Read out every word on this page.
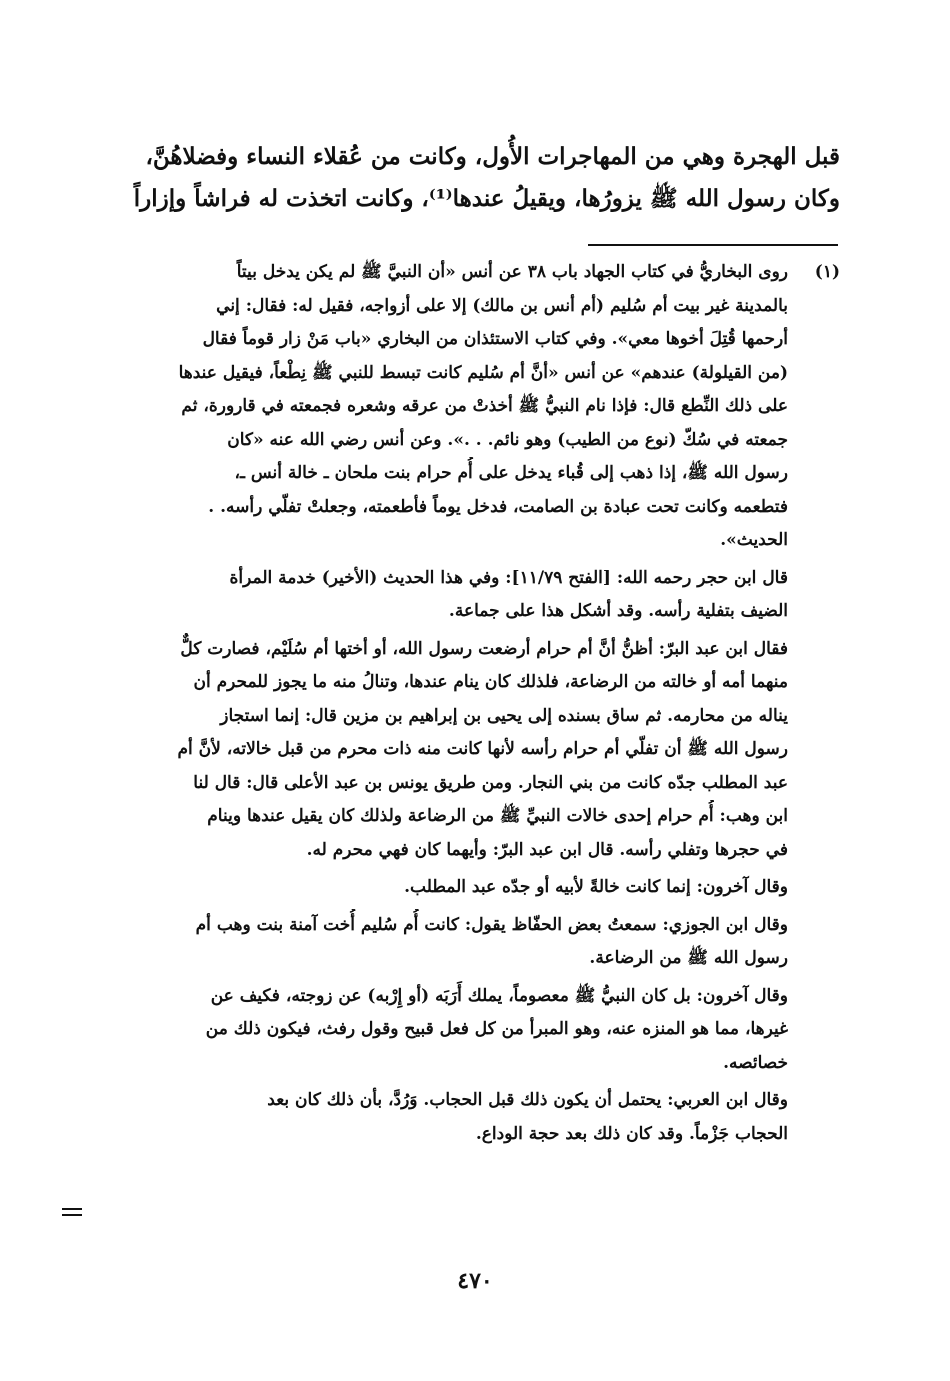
قبل الهجرة وهي من المهاجرات الأُول، وكانت من عُقلاء النساء وفضلاهُنَّ،

وكان رسول الله ﷺ يزورُها، ويقيلُ عندها⁽¹⁾، وكانت اتخذت له فراشاً وإزاراً

(١)
روى البخاريُّ في كتاب الجهاد باب ٣٨ عن أنس «أن النبيَّ ﷺ لم يكن يدخل بيتاً
بالمدينة غير بيت أم سُليم (أم أنس بن مالك) إلا على أزواجه، فقيل له: فقال: إني
أرحمها قُتِلَ أخوها معي». وفي كتاب الاستئذان من البخاري «باب مَنْ زار قوماً فقال
(من القيلولة) عندهم» عن أنس «أنَّ أم سُليم كانت تبسط للنبي ﷺ نِطْعاً، فيقيل عندها
على ذلك النِّطع قال: فإذا نام النبيُّ ﷺ أخذتْ من عرقه وشعره فجمعته في قارورة، ثم
جمعته في سُكّ (نوع من الطيب) وهو نائم. . .». وعن أنس رضي الله عنه «كان
رسول الله ﷺ، إذا ذهب إلى قُباء يدخل على أُم حرام بنت ملحان ـ خالة أنس ـ،
فتطعمه وكانت تحت عبادة بن الصامت، فدخل يوماً فأطعمته، وجعلتْ تفلّي رأسه. .
الحديث».
قال ابن حجر رحمه الله: [الفتح ١١/٧٩]: وفي هذا الحديث (الأخير) خدمة المرأة
الضيف بتفلية رأسه. وقد أشكل هذا على جماعة.
فقال ابن عبد البرّ: أظنُّ أنَّ أم حرام أرضعت رسول الله، أو أختها أم سُلَيْم، فصارت كلٌّ
منهما أمه أو خالته من الرضاعة، فلذلك كان ينام عندها، وتنالُ منه ما يجوز للمحرم أن
يناله من محارمه. ثم ساق بسنده إلى يحيى بن إبراهيم بن مزين قال: إنما استجاز
رسول الله ﷺ أن تفلّي أم حرام رأسه لأنها كانت منه ذات محرم من قبل خالاته، لأنَّ أم
عبد المطلب جدّه كانت من بني النجار. ومن طريق يونس بن عبد الأعلى قال: قال لنا
ابن وهب: أُم حرام إحدى خالات النبيِّ ﷺ من الرضاعة ولذلك كان يقيل عندها وينام
في حجرها وتفلي رأسه. قال ابن عبد البرّ: وأيهما كان فهي محرم له.
وقال آخرون: إنما كانت خالةً لأبيه أو جدّه عبد المطلب.
وقال ابن الجوزي: سمعتُ بعض الحفّاظ يقول: كانت أُم سُليم أُخت آمنة بنت وهب أم
رسول الله ﷺ من الرضاعة.
وقال آخرون: بل كان النبيُّ ﷺ معصوماً، يملك أَرَبَه (أو إِرْبه) عن زوجته، فكيف عن
غيرها، مما هو المنزه عنه، وهو المبرأ من كل فعل قبيح وقول رفث، فيكون ذلك من
خصائصه.
وقال ابن العربي: يحتمل أن يكون ذلك قبل الحجاب. وَرُدَّ، بأن ذلك كان بعد
الحجاب جَزْماً. وقد كان ذلك بعد حجة الوداع.
٤٧٠
